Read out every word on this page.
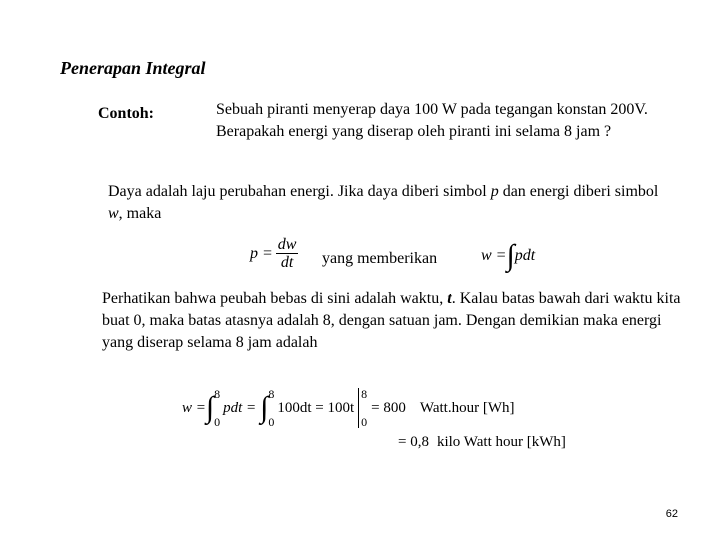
Penerapan Integral
Contoh:	Sebuah piranti menyerap daya 100 W pada tegangan konstan 200V. Berapakah energi yang diserap oleh piranti ini selama 8 jam ?
Daya adalah laju perubahan energi. Jika daya diberi simbol p dan energi diberi simbol w, maka
$p = \frac{dw}{dt}$ yang memberikan	w = ∫ pdt
Perhatikan bahwa peubah bebas di sini adalah waktu, t. Kalau batas bawah dari waktu kita buat 0, maka batas atasnya adalah 8, dengan satuan jam. Dengan demikian maka energi yang diserap selama 8 jam adalah
w = ∫ 8
0
pdt = ∫ 8
0
100dt = 100t
8
0
= 800 Watt.hour [Wh]
= 0,8 kilo Watt hour [kWh]
62
